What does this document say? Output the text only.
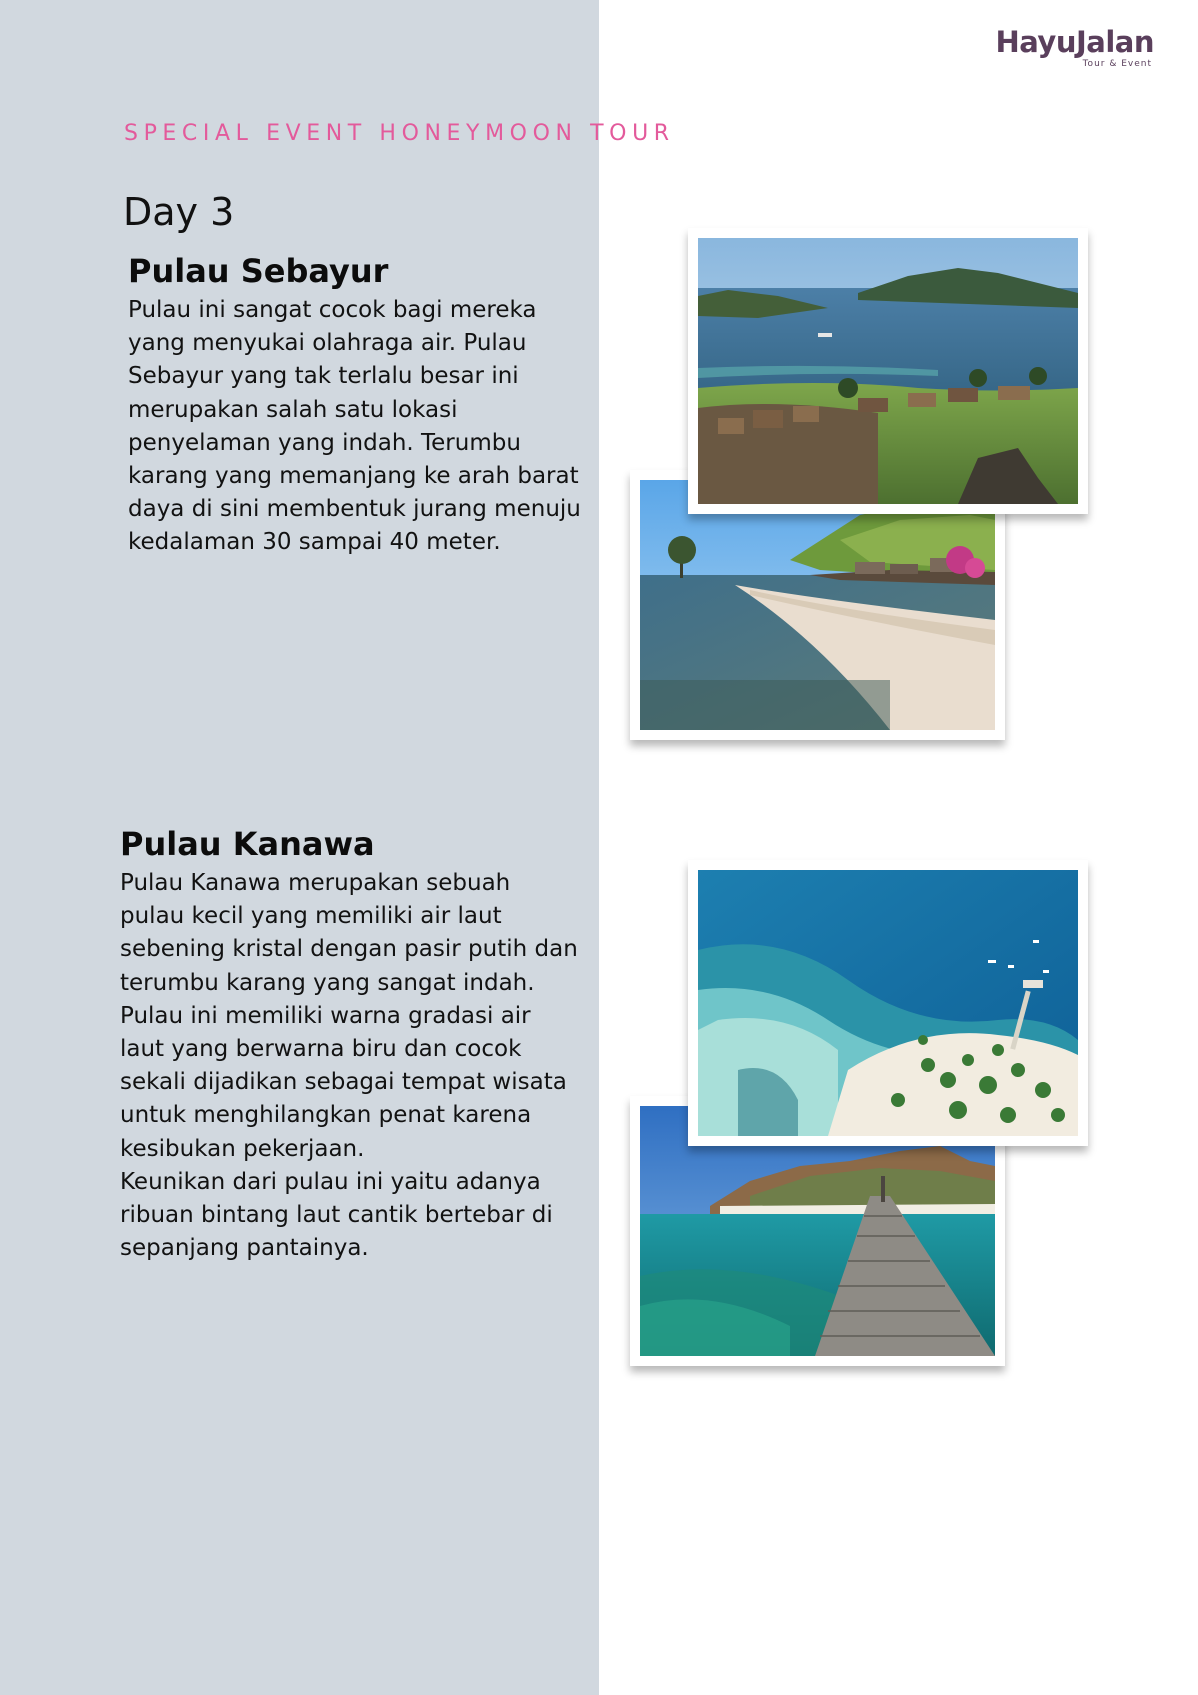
HayuJalan
Tour & Event
SPECIAL EVENT HONEYMOON TOUR
Day 3
Pulau Sebayur

Pulau ini sangat cocok bagi mereka yang menyukai olahraga air. Pulau Sebayur yang tak terlalu besar ini merupakan salah satu lokasi penyelaman yang indah. Terumbu karang yang memanjang ke arah barat daya di sini membentuk jurang menuju kedalaman 30 sampai 40 meter.

Pulau Kanawa

Pulau Kanawa merupakan sebuah pulau kecil yang memiliki air laut sebening kristal dengan pasir putih dan terumbu karang yang sangat indah. Pulau ini memiliki warna gradasi air laut yang berwarna biru dan cocok sekali dijadikan sebagai tempat wisata untuk menghilangkan penat karena kesibukan pekerjaan.

Keunikan dari pulau ini yaitu adanya ribuan bintang laut cantik bertebar di sepanjang pantainya.
